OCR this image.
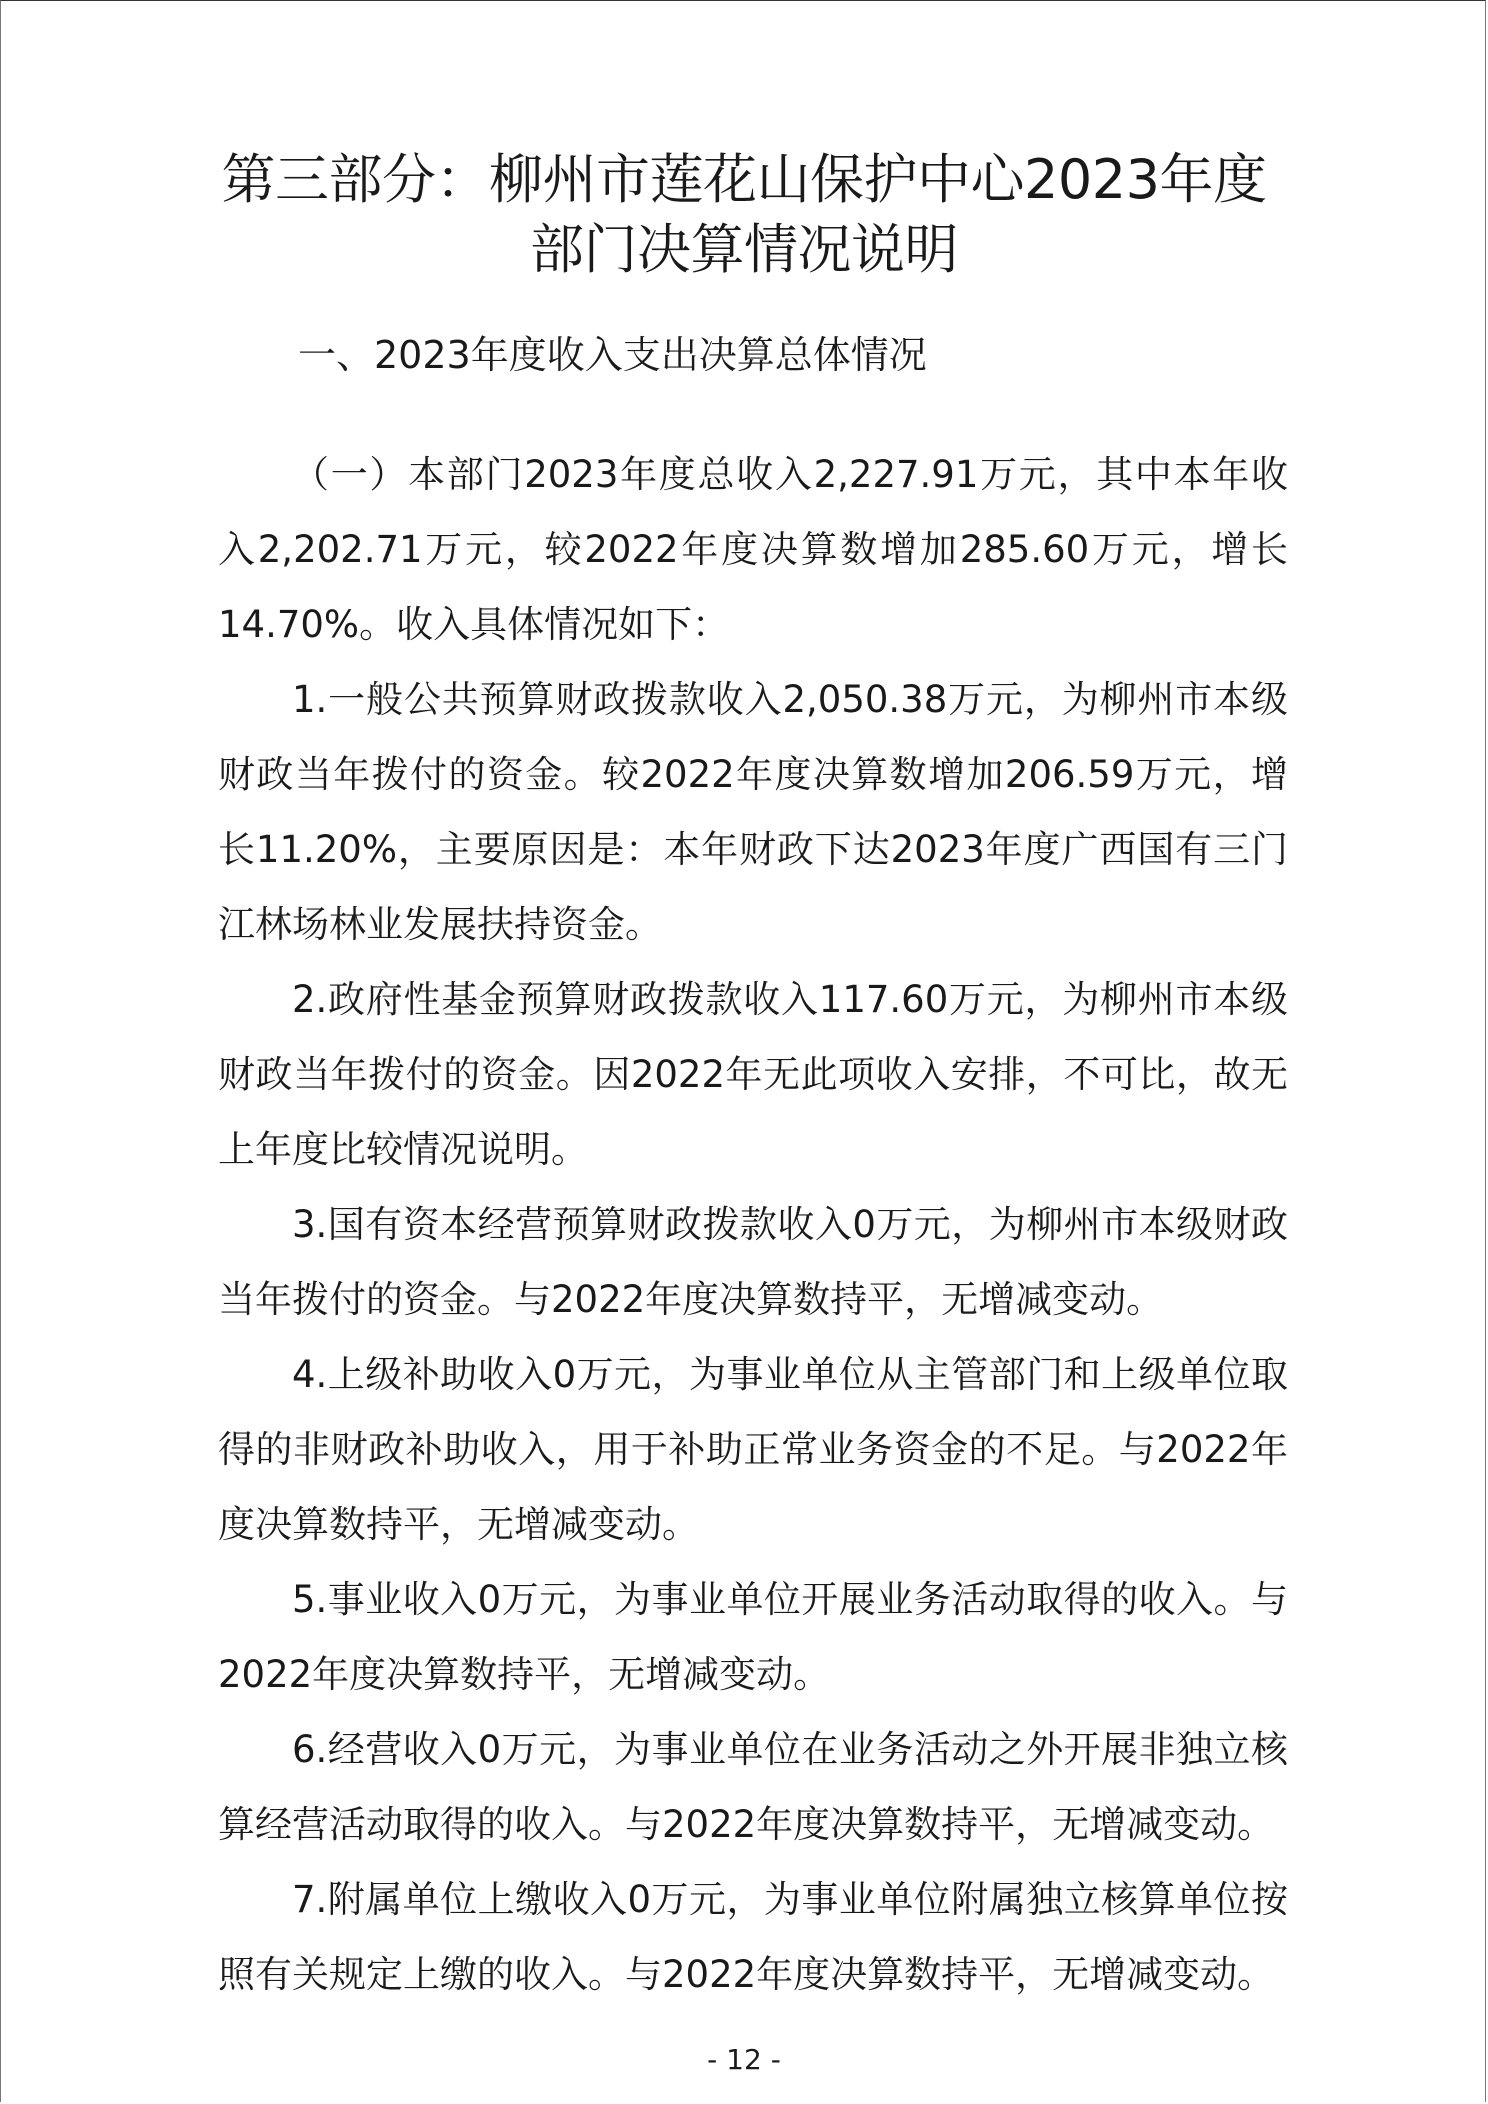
第三部分：柳州市莲花山保护中心2023年度
部门决算情况说明
一、2023年度收入支出决算总体情况

（一）本部门2023年度总收入2,227.91万元，其中本年收入2,202.71万元，较2022年度决算数增加285.60万元，增长14.70%。收入具体情况如下：

1.一般公共预算财政拨款收入2,050.38万元，为柳州市本级财政当年拨付的资金。较2022年度决算数增加206.59万元，增长11.20%，主要原因是：本年财政下达2023年度广西国有三门江林场林业发展扶持资金。

2.政府性基金预算财政拨款收入117.60万元，为柳州市本级财政当年拨付的资金。因2022年无此项收入安排，不可比，故无上年度比较情况说明。

3.国有资本经营预算财政拨款收入0万元，为柳州市本级财政当年拨付的资金。与2022年度决算数持平，无增减变动。

4.上级补助收入0万元，为事业单位从主管部门和上级单位取得的非财政补助收入，用于补助正常业务资金的不足。与2022年度决算数持平，无增减变动。

5.事业收入0万元，为事业单位开展业务活动取得的收入。与2022年度决算数持平，无增减变动。

6.经营收入0万元，为事业单位在业务活动之外开展非独立核算经营活动取得的收入。与2022年度决算数持平，无增减变动。

7.附属单位上缴收入0万元，为事业单位附属独立核算单位按照有关规定上缴的收入。与2022年度决算数持平，无增减变动。

- 12 -
